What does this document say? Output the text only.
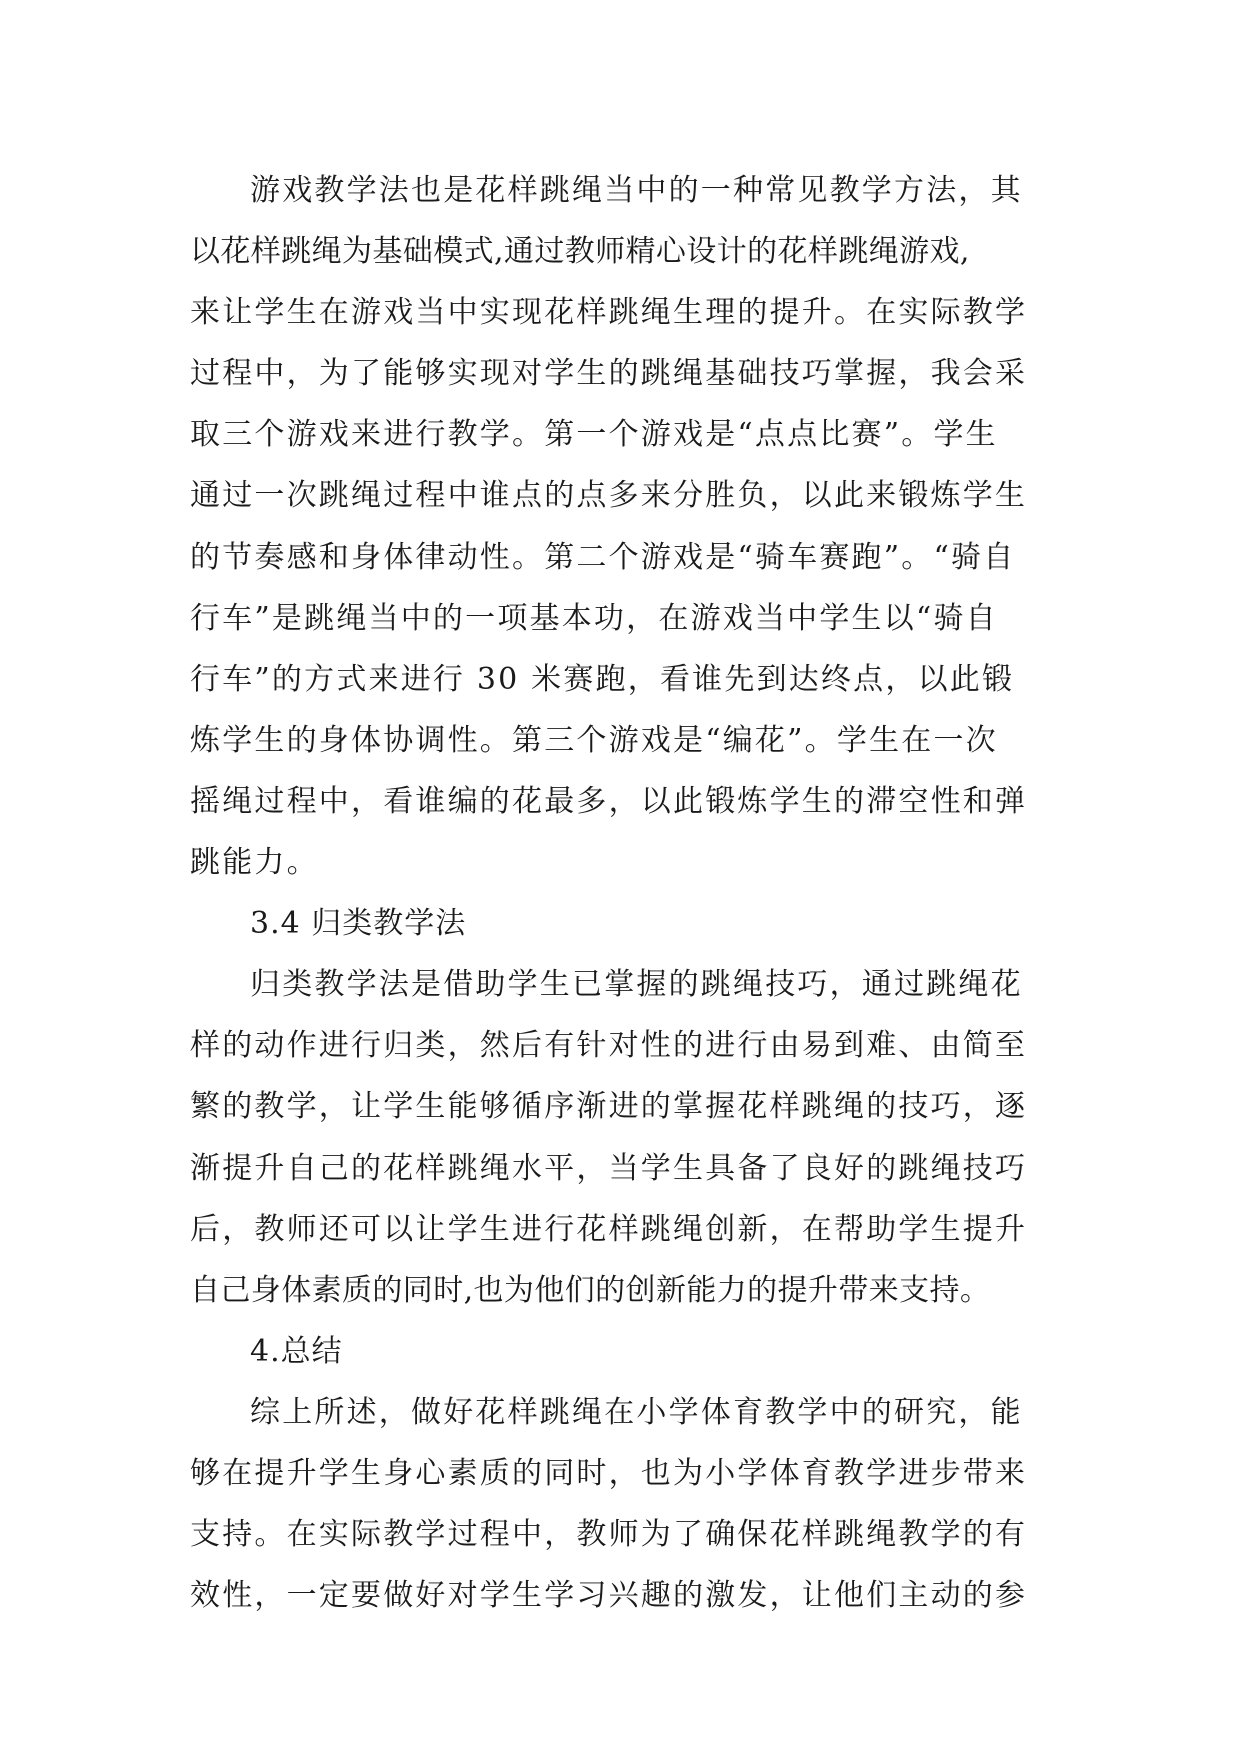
游戏教学法也是花样跳绳当中的一种常见教学方法，其
以花样跳绳为基础模式,通过教师精心设计的花样跳绳游戏,
来让学生在游戏当中实现花样跳绳生理的提升。在实际教学
过程中，为了能够实现对学生的跳绳基础技巧掌握，我会采
取三个游戏来进行教学。第一个游戏是“点点比赛”。学生
通过一次跳绳过程中谁点的点多来分胜负，以此来锻炼学生
的节奏感和身体律动性。第二个游戏是“骑车赛跑”。“骑自
行车”是跳绳当中的一项基本功，在游戏当中学生以“骑自
行车”的方式来进行 30 米赛跑，看谁先到达终点，以此锻
炼学生的身体协调性。第三个游戏是“编花”。学生在一次
摇绳过程中，看谁编的花最多，以此锻炼学生的滞空性和弹
跳能力。
3.4 归类教学法
归类教学法是借助学生已掌握的跳绳技巧，通过跳绳花
样的动作进行归类，然后有针对性的进行由易到难、由简至
繁的教学，让学生能够循序渐进的掌握花样跳绳的技巧，逐
渐提升自己的花样跳绳水平，当学生具备了良好的跳绳技巧
后，教师还可以让学生进行花样跳绳创新，在帮助学生提升
自己身体素质的同时,也为他们的创新能力的提升带来支持。
4.总结
综上所述，做好花样跳绳在小学体育教学中的研究，能
够在提升学生身心素质的同时，也为小学体育教学进步带来
支持。在实际教学过程中，教师为了确保花样跳绳教学的有
效性，一定要做好对学生学习兴趣的激发，让他们主动的参
